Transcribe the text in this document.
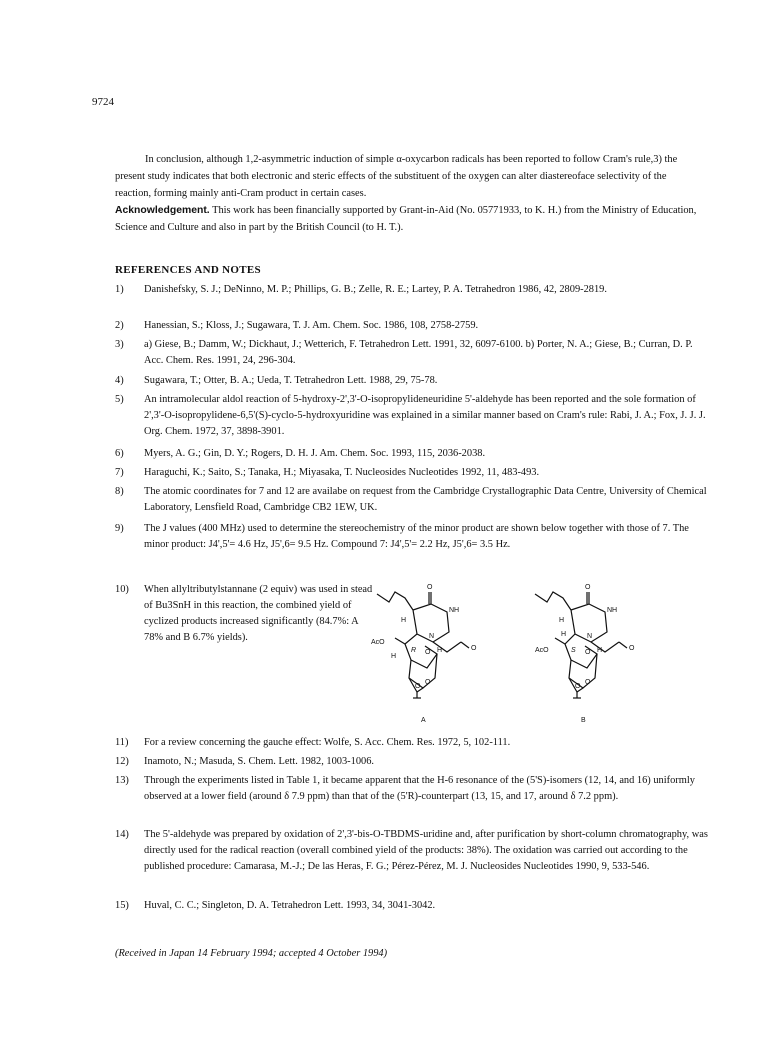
9724
In conclusion, although 1,2-asymmetric induction of simple α-oxycarbon radicals has been reported to follow Cram's rule,3) the present study indicates that both electronic and steric effects of the substituent of the oxygen can alter diastereoface selectivity of the reaction, forming mainly anti-Cram product in certain cases.
Acknowledgement. This work has been financially supported by Grant-in-Aid (No. 05771933, to K. H.) from the Ministry of Education, Science and Culture and also in part by the British Council (to H. T.).
REFERENCES AND NOTES
1)	Danishefsky, S. J.; DeNinno, M. P.; Phillips, G. B.; Zelle, R. E.; Lartey, P. A. Tetrahedron 1986, 42, 2809-2819.
2)	Hanessian, S.; Kloss, J.; Sugawara, T. J. Am. Chem. Soc. 1986, 108, 2758-2759.
3)	a) Giese, B.; Damm, W.; Dickhaut, J.; Wetterich, F. Tetrahedron Lett. 1991, 32, 6097-6100. b) Porter, N. A.; Giese, B.; Curran, D. P. Acc. Chem. Res. 1991, 24, 296-304.
4)	Sugawara, T.; Otter, B. A.; Ueda, T. Tetrahedron Lett. 1988, 29, 75-78.
5)	An intramolecular aldol reaction of 5-hydroxy-2',3'-O-isopropylideneuridine 5'-aldehyde has been reported and the sole formation of 2',3'-O-isopropylidene-6,5'(S)-cyclo-5-hydroxyuridine was explained in a similar manner based on Cram's rule: Rabi, J. A.; Fox, J. J. J. Org. Chem. 1972, 37, 3898-3901.
6)	Myers, A. G.; Gin, D. Y.; Rogers, D. H. J. Am. Chem. Soc. 1993, 115, 2036-2038.
7)	Haraguchi, K.; Saito, S.; Tanaka, H.; Miyasaka, T. Nucleosides Nucleotides 1992, 11, 483-493.
8)	The atomic coordinates for 7 and 12 are availabe on request from the Cambridge Crystallographic Data Centre, University of Chemical Laboratory, Lensfield Road, Cambridge CB2 1EW, UK.
9)	The J values (400 MHz) used to determine the stereochemistry of the minor product are shown below together with those of 7. The minor product: J4',5'= 4.6 Hz, J5',6= 9.5 Hz. Compound 7: J4',5'= 2.2 Hz, J5',6= 3.5 Hz.
10)	When allyltributylstannane (2 equiv) was used in stead of Bu3SnH in this reaction, the combined yield of cyclized products increased significantly (84.7%: A 78% and B 6.7% yields).
O
NH
N
O
H
AcO
H
R O H
O
O
A
O
NH
N
O
H
H
AcO	S O H
O
O
B
11)	For a review concerning the gauche effect: Wolfe, S. Acc. Chem. Res. 1972, 5, 102-111.
12)	Inamoto, N.; Masuda, S. Chem. Lett. 1982, 1003-1006.
13)	Through the experiments listed in Table 1, it became apparent that the H-6 resonance of the (5'S)-isomers (12, 14, and 16) uniformly observed at a lower field (around δ 7.9 ppm) than that of the (5'R)-counterpart (13, 15, and 17, around δ 7.2 ppm).
14)	The 5'-aldehyde was prepared by oxidation of 2',3'-bis-O-TBDMS-uridine and, after purification by short-column chromatography, was directly used for the radical reaction (overall combined yield of the products: 38%). The oxidation was carried out according to the published procedure: Camarasa, M.-J.; De las Heras, F. G.; Pérez-Pérez, M. J. Nucleosides Nucleotides 1990, 9, 533-546.
15)	Huval, C. C.; Singleton, D. A. Tetrahedron Lett. 1993, 34, 3041-3042.
(Received in Japan 14 February 1994; accepted 4 October 1994)
